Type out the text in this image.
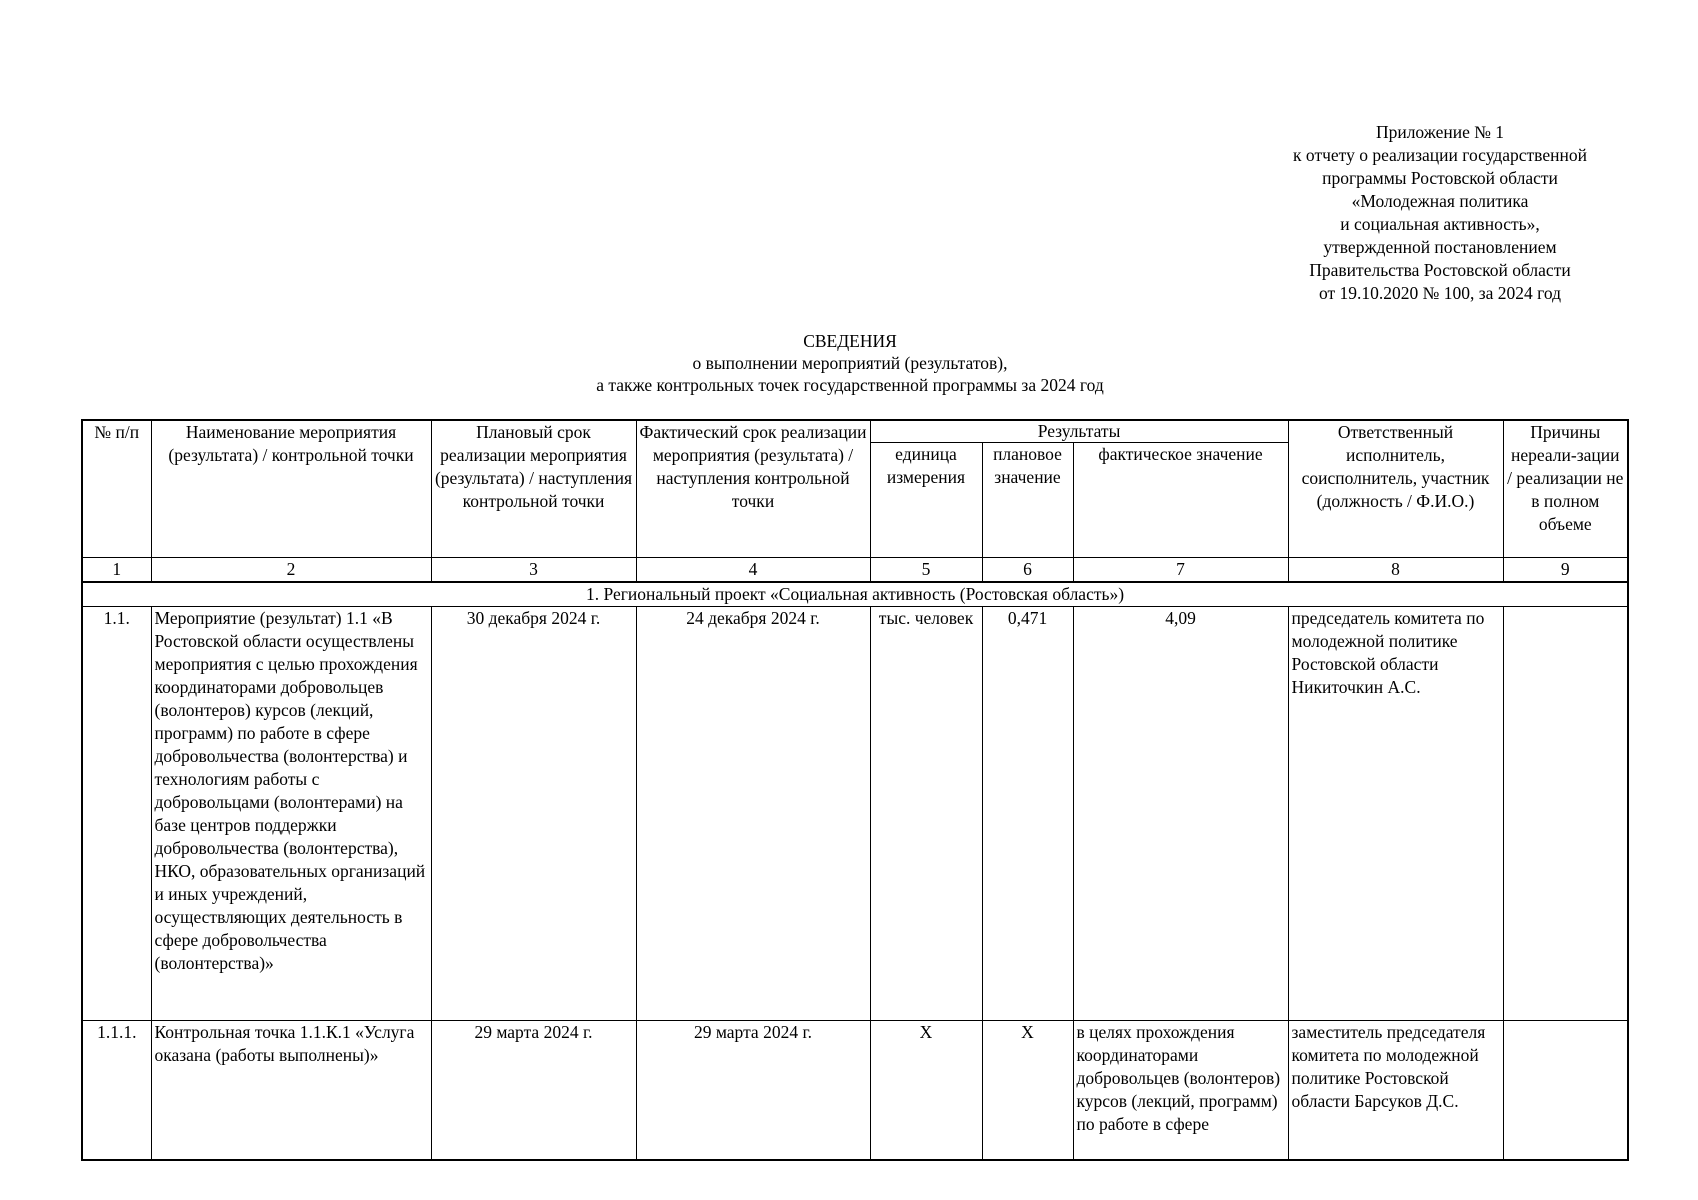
Приложение № 1
к отчету о реализации государственной
программы Ростовской области
«Молодежная политика
и социальная активность»,
утвержденной постановлением
Правительства Ростовской области
от 19.10.2020 № 100, за 2024 год
СВЕДЕНИЯ
о выполнении мероприятий (результатов),
а также контрольных точек государственной программы за 2024 год
№ п/п	Наименование мероприятия (результата) / контрольной точки	Плановый срок реализации мероприятия (результата) / наступления контрольной точки	Фактический срок реализации мероприятия (результата) / наступления контрольной точки	Результаты			Ответственный исполнитель, соисполнитель, участник (должность / Ф.И.О.)	Причины нереали-зации / реализации не в полном объеме
				единица измерения	плановое значение	фактическое значение		
1	2	3	4	5	6	7	8	9
1. Региональный проект «Социальная активность (Ростовская область»)								
1.1.	Мероприятие (результат) 1.1 «В Ростовской области осуществлены мероприятия с целью прохождения координаторами добровольцев (волонтеров) курсов (лекций, программ) по работе в сфере добровольчества (волонтерства) и технологиям работы с добровольцами (волонтерами) на базе центров поддержки добровольчества (волонтерства), НКО, образовательных организаций и иных учреждений, осуществляющих деятельность в сфере добровольчества (волонтерства)»	30 декабря 2024 г.	24 декабря 2024 г.	тыс. человек	0,471	4,09	председатель комитета по молодежной политике Ростовской области Никиточкин А.С.	
1.1.1.	Контрольная точка 1.1.К.1 «Услуга оказана (работы выполнены)»	29 марта 2024 г.	29 марта 2024 г.	Х	Х	в целях прохождения координаторами добровольцев (волонтеров) курсов (лекций, программ) по работе в сфере	заместитель председателя комитета по молодежной политике Ростовской области Барсуков Д.С.	
